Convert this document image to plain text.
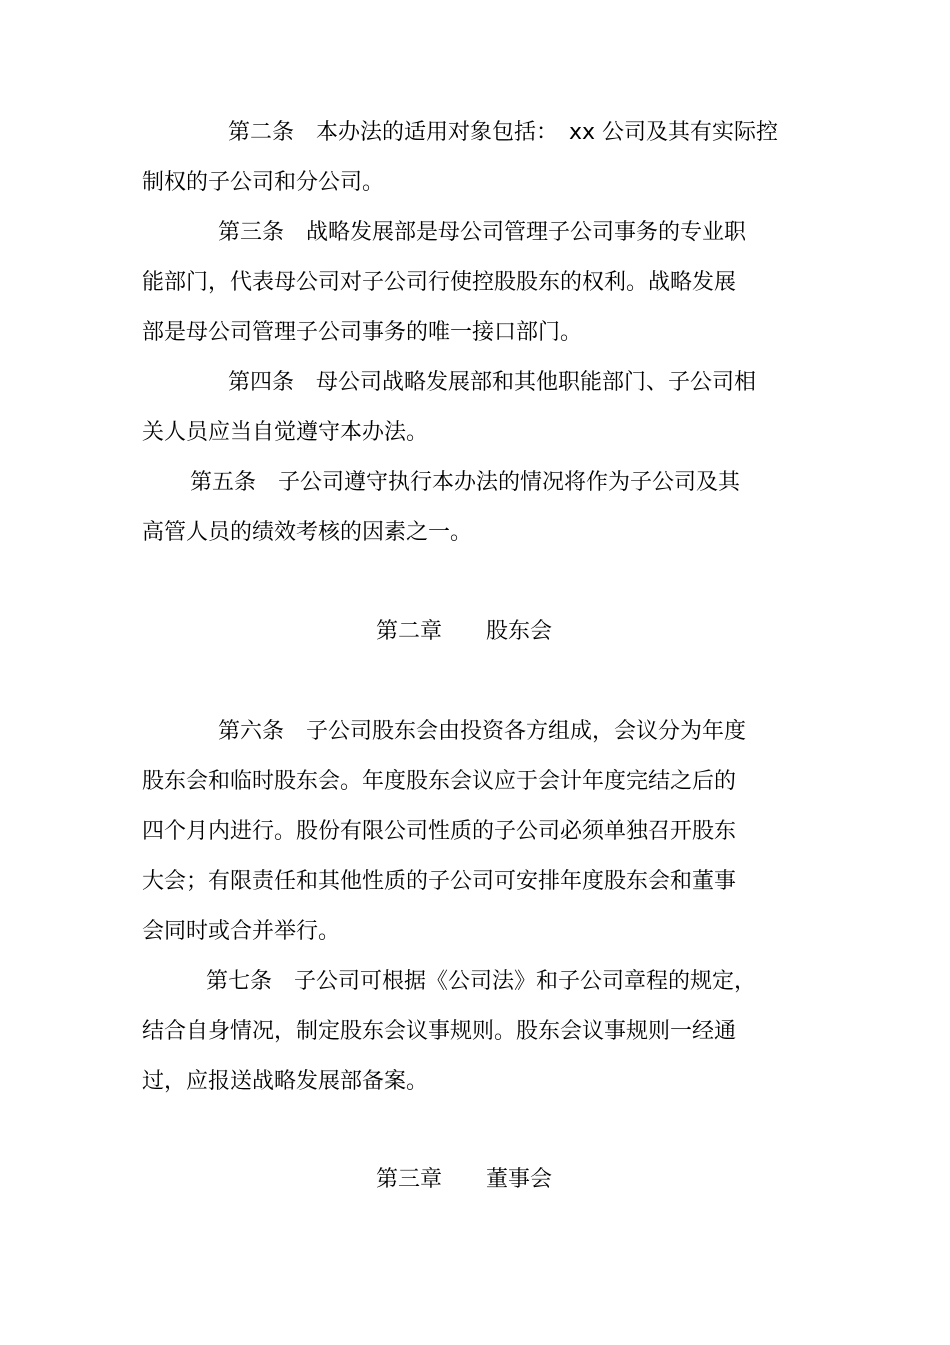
第二条　本办法的适用对象包括：　xx 公司及其有实际控
制权的子公司和分公司。
第三条　战略发展部是母公司管理子公司事务的专业职
能部门，代表母公司对子公司行使控股股东的权利。战略发展
部是母公司管理子公司事务的唯一接口部门。
第四条　母公司战略发展部和其他职能部门、子公司相
关人员应当自觉遵守本办法。
第五条　子公司遵守执行本办法的情况将作为子公司及其
高管人员的绩效考核的因素之一。
第二章　　股东会
第六条　子公司股东会由投资各方组成，会议分为年度
股东会和临时股东会。年度股东会议应于会计年度完结之后的
四个月内进行。股份有限公司性质的子公司必须单独召开股东
大会；有限责任和其他性质的子公司可安排年度股东会和董事
会同时或合并举行。
第七条　子公司可根据《公司法》和子公司章程的规定，
结合自身情况，制定股东会议事规则。股东会议事规则一经通
过，应报送战略发展部备案。
第三章　　董事会
